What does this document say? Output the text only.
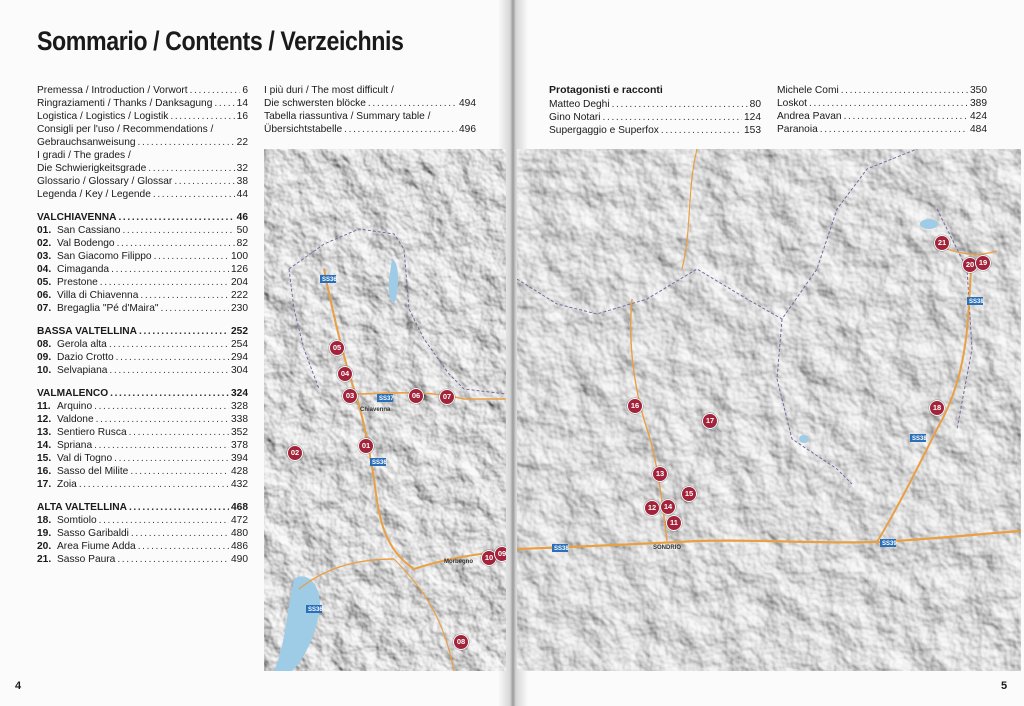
Sommario / Contents / Verzeichnis
Premessa / Introduction / Vorwort . . .	6
Ringraziamenti / Thanks / Danksagung . . . 14
Logistica / Logistics / Logistik . . .	16
Consigli per l'uso / Recommendations /
Gebrauchsanweisung . . .	22
I gradi / The grades /
Die Schwierigkeitsgrade . . .	32
Glossario / Glossary / Glossar . . .	38
Legenda / Key / Legende . . .	44
VALCHIAVENNA . . .	46
01. San Cassiano . . .	50
02. Val Bodengo . . .	82
03. San Giacomo Filippo . . .	100
04. Cimaganda . . .	126
05. Prestone . . .	204
06. Villa di Chiavenna . . .	222
07. Bregaglia "Pé d'Maira" . . .	230
BASSA VALTELLINA . . .	252
08. Gerola alta . . .	254
09. Dazio Crotto . . .	294
10. Selvapiana . . .	304
VALMALENCO . . .	324
11. Arquino . . .	328
12. Valdone . . .	338
13. Sentiero Rusca . . .	352
14. Spriana . . .	378
15. Val di Togno . . .	394
16. Sasso del Milite . . .	428
17. Zoia . . .	432
ALTA VALTELLINA . . .	468
18. Somtiolo . . .	472
19. Sasso Garibaldi . . .	480
20. Area Fiume Adda . . .	486
21. Sasso Paura . . .	490
I più duri / The most difficult /
Die schwersten blöcke . . .	494
Tabella riassuntiva / Summary table /
Übersichtstabelle . . .	496
Protagonisti e racconti
Matteo Deghi . . .	80
Gino Notari . . .	124
Supergaggio e Superfox . . .	153
Michele Comi . . .	350
Loskot . . .	389
Andrea Pavan . . .	424
Paranoia . . .	484
SS36
SS37
SS36
SS36
Chiavenna
Morbegno
05
04
03	06	07
01
02
10 09
08
SS38
SS39
SS38
SS38
SONDRIO
16
17
13
15
12	14
11
18
21
20 19
4	5
